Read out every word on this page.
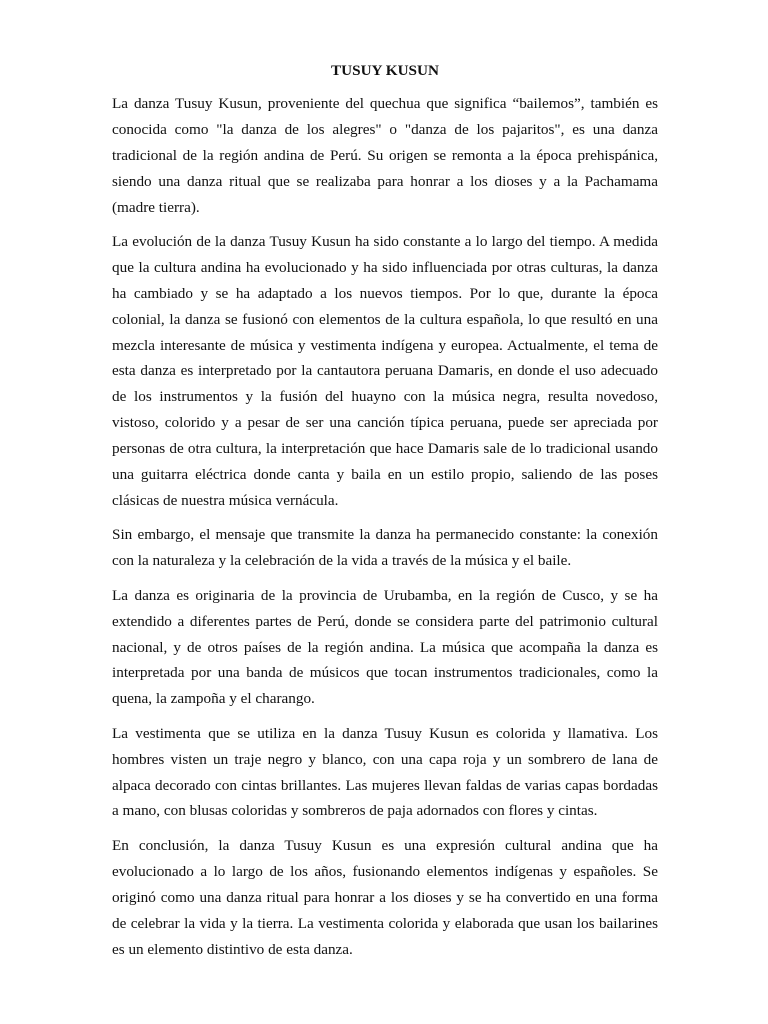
TUSUY KUSUN

La danza Tusuy Kusun, proveniente del quechua que significa “bailemos”, también es conocida como "la danza de los alegres" o "danza de los pajaritos", es una danza tradicional de la región andina de Perú. Su origen se remonta a la época prehispánica, siendo una danza ritual que se realizaba para honrar a los dioses y a la Pachamama (madre tierra).

La evolución de la danza Tusuy Kusun ha sido constante a lo largo del tiempo. A medida que la cultura andina ha evolucionado y ha sido influenciada por otras culturas, la danza ha cambiado y se ha adaptado a los nuevos tiempos. Por lo que, durante la época colonial, la danza se fusionó con elementos de la cultura española, lo que resultó en una mezcla interesante de música y vestimenta indígena y europea. Actualmente, el tema de esta danza es interpretado por la cantautora peruana Damaris, en donde el uso adecuado de los instrumentos y la fusión del huayno con la música negra, resulta novedoso, vistoso, colorido y a pesar de ser una canción típica peruana, puede ser apreciada por personas de otra cultura, la interpretación que hace Damaris sale de lo tradicional usando una guitarra eléctrica donde canta y baila en un estilo propio, saliendo de las poses clásicas de nuestra música vernácula.

Sin embargo, el mensaje que transmite la danza ha permanecido constante: la conexión con la naturaleza y la celebración de la vida a través de la música y el baile.

La danza es originaria de la provincia de Urubamba, en la región de Cusco, y se ha extendido a diferentes partes de Perú, donde se considera parte del patrimonio cultural nacional, y de otros países de la región andina. La música que acompaña la danza es interpretada por una banda de músicos que tocan instrumentos tradicionales, como la quena, la zampoña y el charango.

La vestimenta que se utiliza en la danza Tusuy Kusun es colorida y llamativa. Los hombres visten un traje negro y blanco, con una capa roja y un sombrero de lana de alpaca decorado con cintas brillantes. Las mujeres llevan faldas de varias capas bordadas a mano, con blusas coloridas y sombreros de paja adornados con flores y cintas.

En conclusión, la danza Tusuy Kusun es una expresión cultural andina que ha evolucionado a lo largo de los años, fusionando elementos indígenas y españoles. Se originó como una danza ritual para honrar a los dioses y se ha convertido en una forma de celebrar la vida y la tierra. La vestimenta colorida y elaborada que usan los bailarines es un elemento distintivo de esta danza.
